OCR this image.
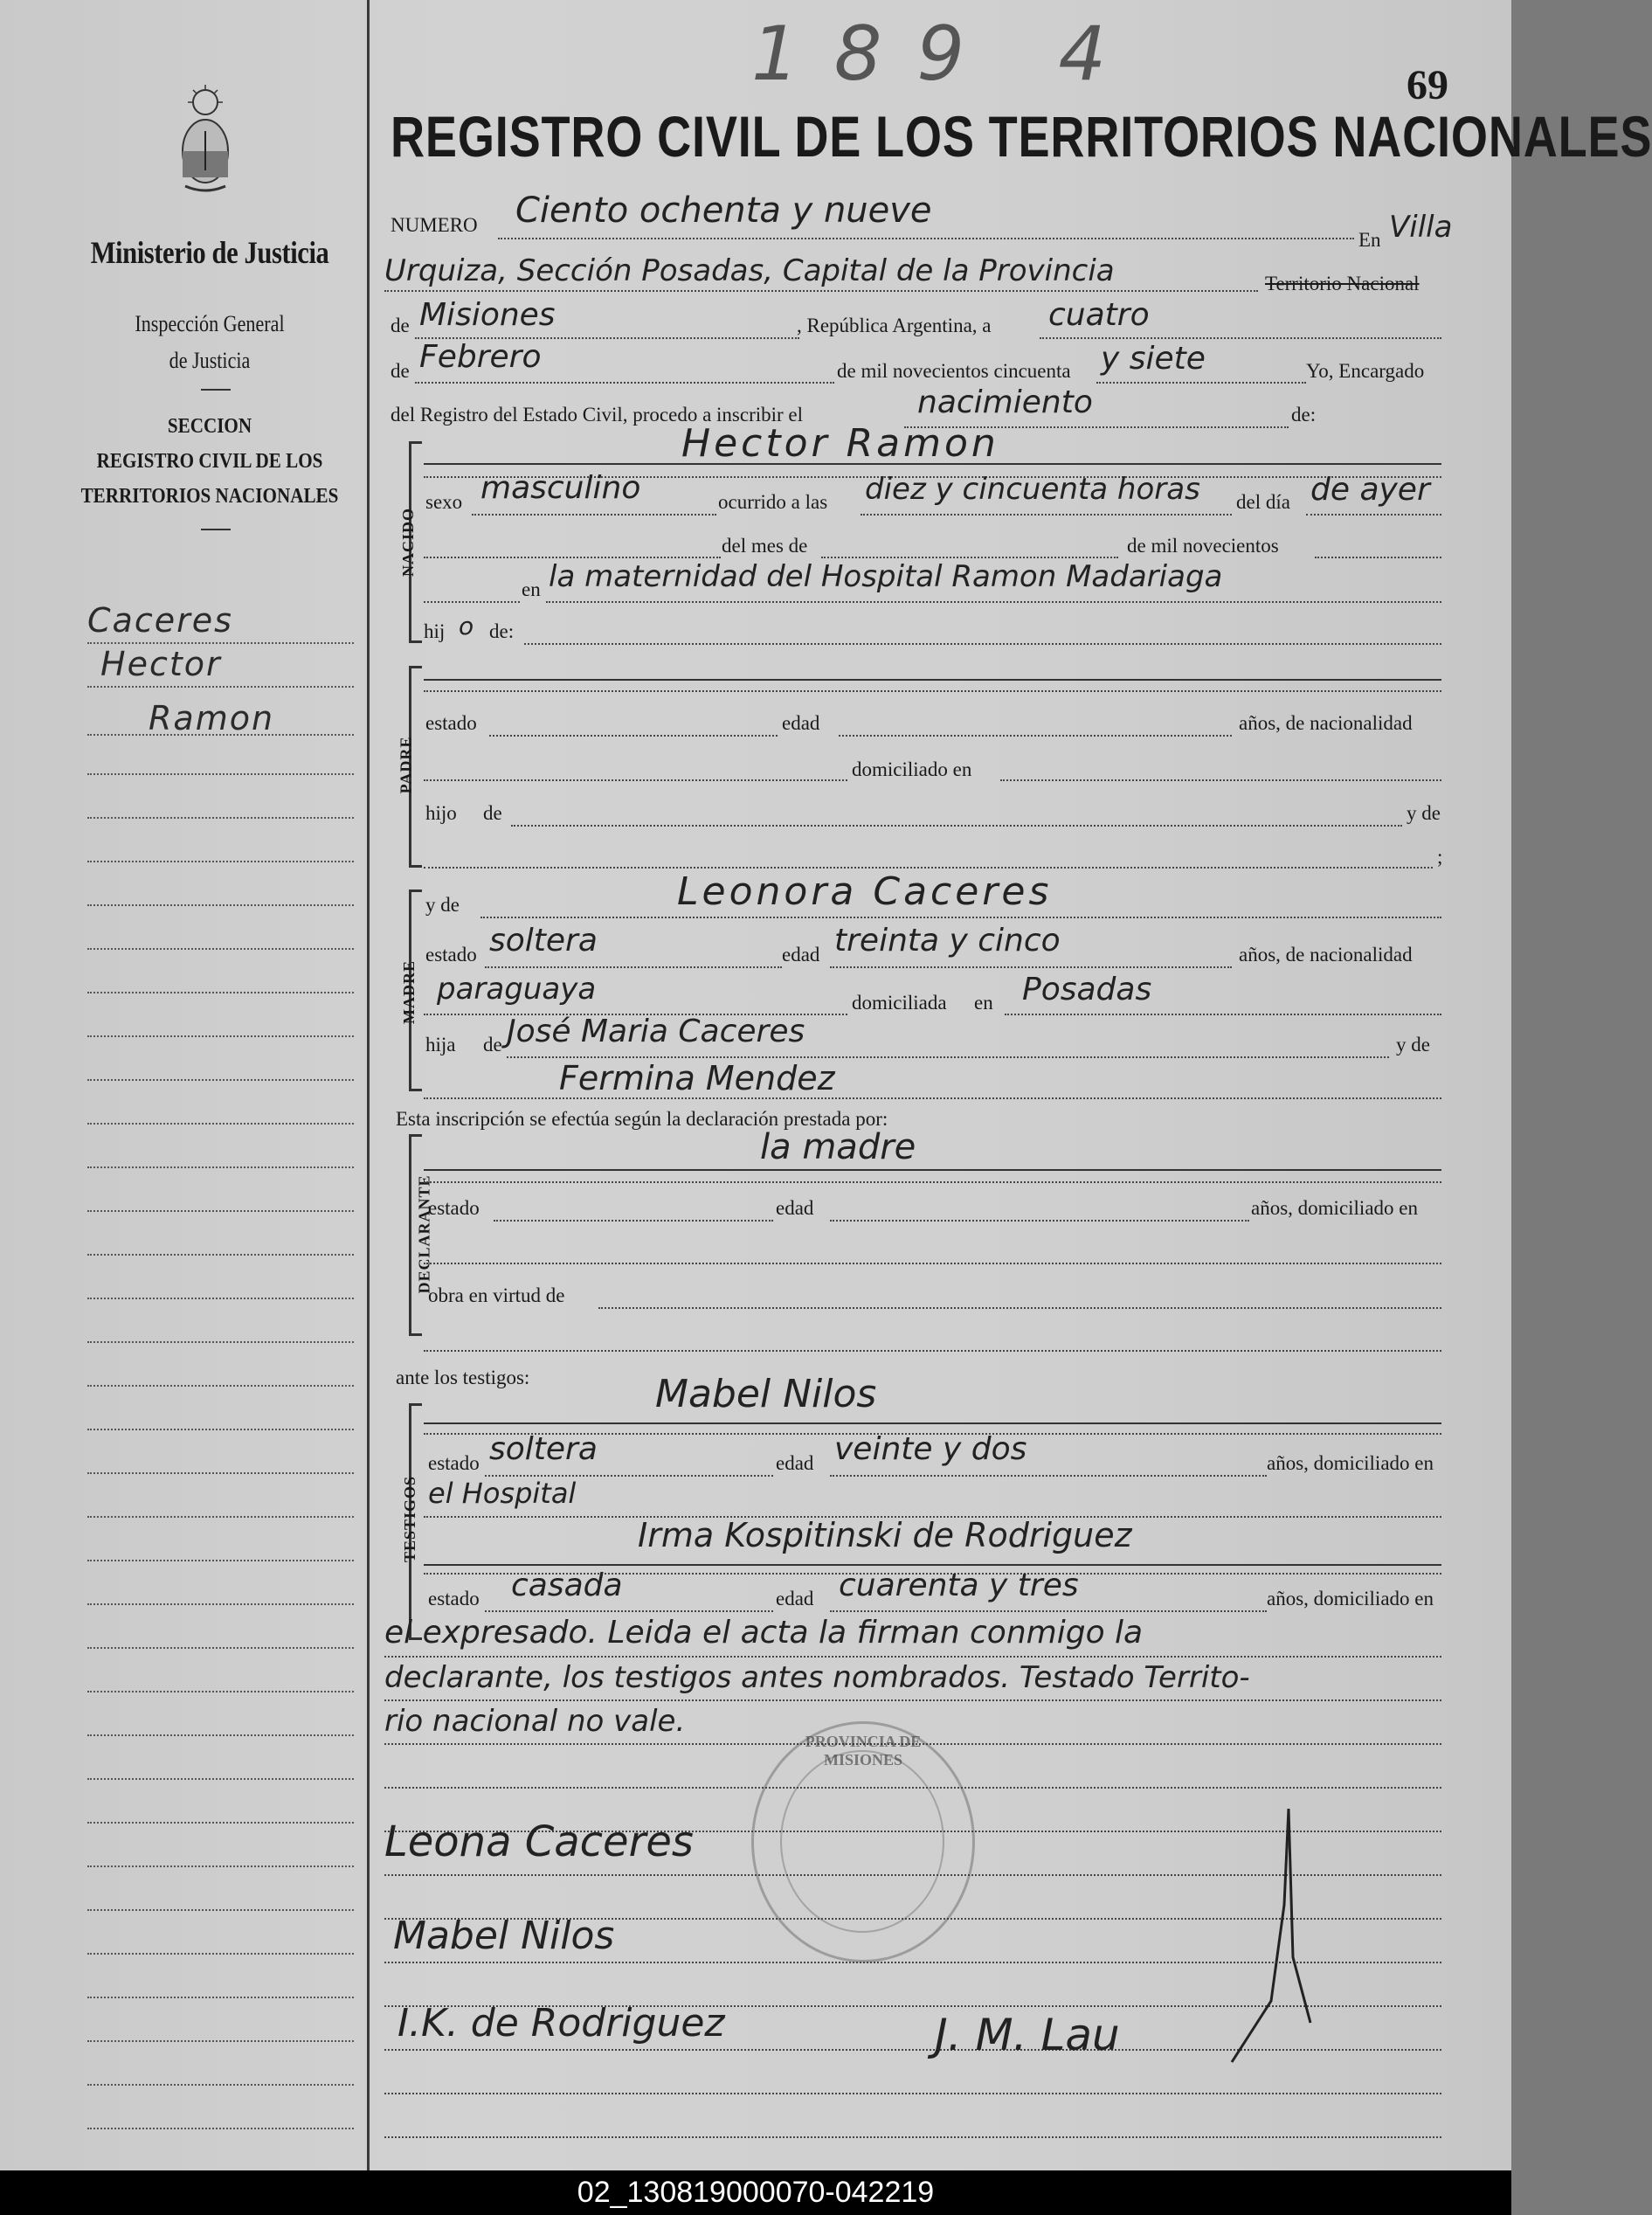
Ministerio de Justicia
Inspección General
de Justicia
SECCION
REGISTRO CIVIL DE LOS
TERRITORIOS NACIONALES
Caceres
Hector
Ramon
189 4	69
REGISTRO CIVIL DE LOS TERRITORIOS NACIONALES
NUMERO Ciento ochenta y nueve
En Villa
Urquiza, Sección Posadas, Capital de la Provincia	Territorio Nacional
de Misiones	, República Argentina, a cuatro
de Febrero	de mil novecientos cincuenta y siete	Yo, Encargado
del Registro del Estado Civil, procedo a inscribir el	nacimiento	de:
NACIDO
Hector Ramon
sexo masculino	ocurrido a las diez y cincuenta horas del día de ayer
del mes de	de mil novecientos
en la maternidad del Hospital Ramon Madariaga
hij o de:
PADRE
estado	edad	años, de nacionalidad
domiciliado en
hijo de	y de
;
MADRE
y de	Leonora Caceres
estado soltera	edad treinta y cinco	años, de nacionalidad
paraguaya	domiciliada en Posadas
hija de José Maria Caceres	y de
Fermina Mendez
Esta inscripción se efectúa según la declaración prestada por:
DECLARANTE
la madre
estado	edad	años, domiciliado en
obra en virtud de
ante los testigos:
TESTIGOS
Mabel Nilos
estado soltera	edad veinte y dos	años, domiciliado en
el Hospital
Irma Kospitinski de Rodriguez
estado casada	edad cuarenta y tres	años, domiciliado en
el expresado. Leida el acta la firman conmigo la
declarante, los testigos antes nombrados. Testado Territo-
rio nacional no vale.
PROVINCIA DE MISIONES
Leona Caceres
Mabel Nilos
I.K. de Rodriguez	J. M. Lau
02_130819000070-042219
